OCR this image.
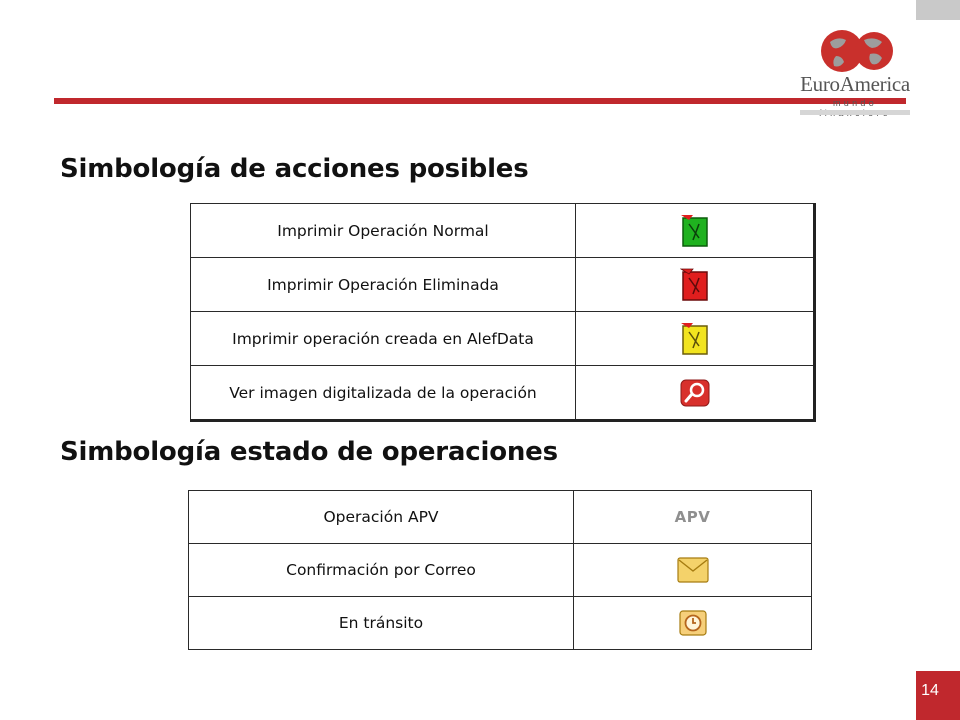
EuroAmerica
mundo
Simbología de acciones posibles
Imprimir Operación Normal	
Imprimir Operación Eliminada	
Imprimir operación creada en AlefData	
Ver imagen digitalizada de la operación	
Simbología estado de operaciones
Operación APV	APV
Confirmación por Correo	
En tránsito	
14
